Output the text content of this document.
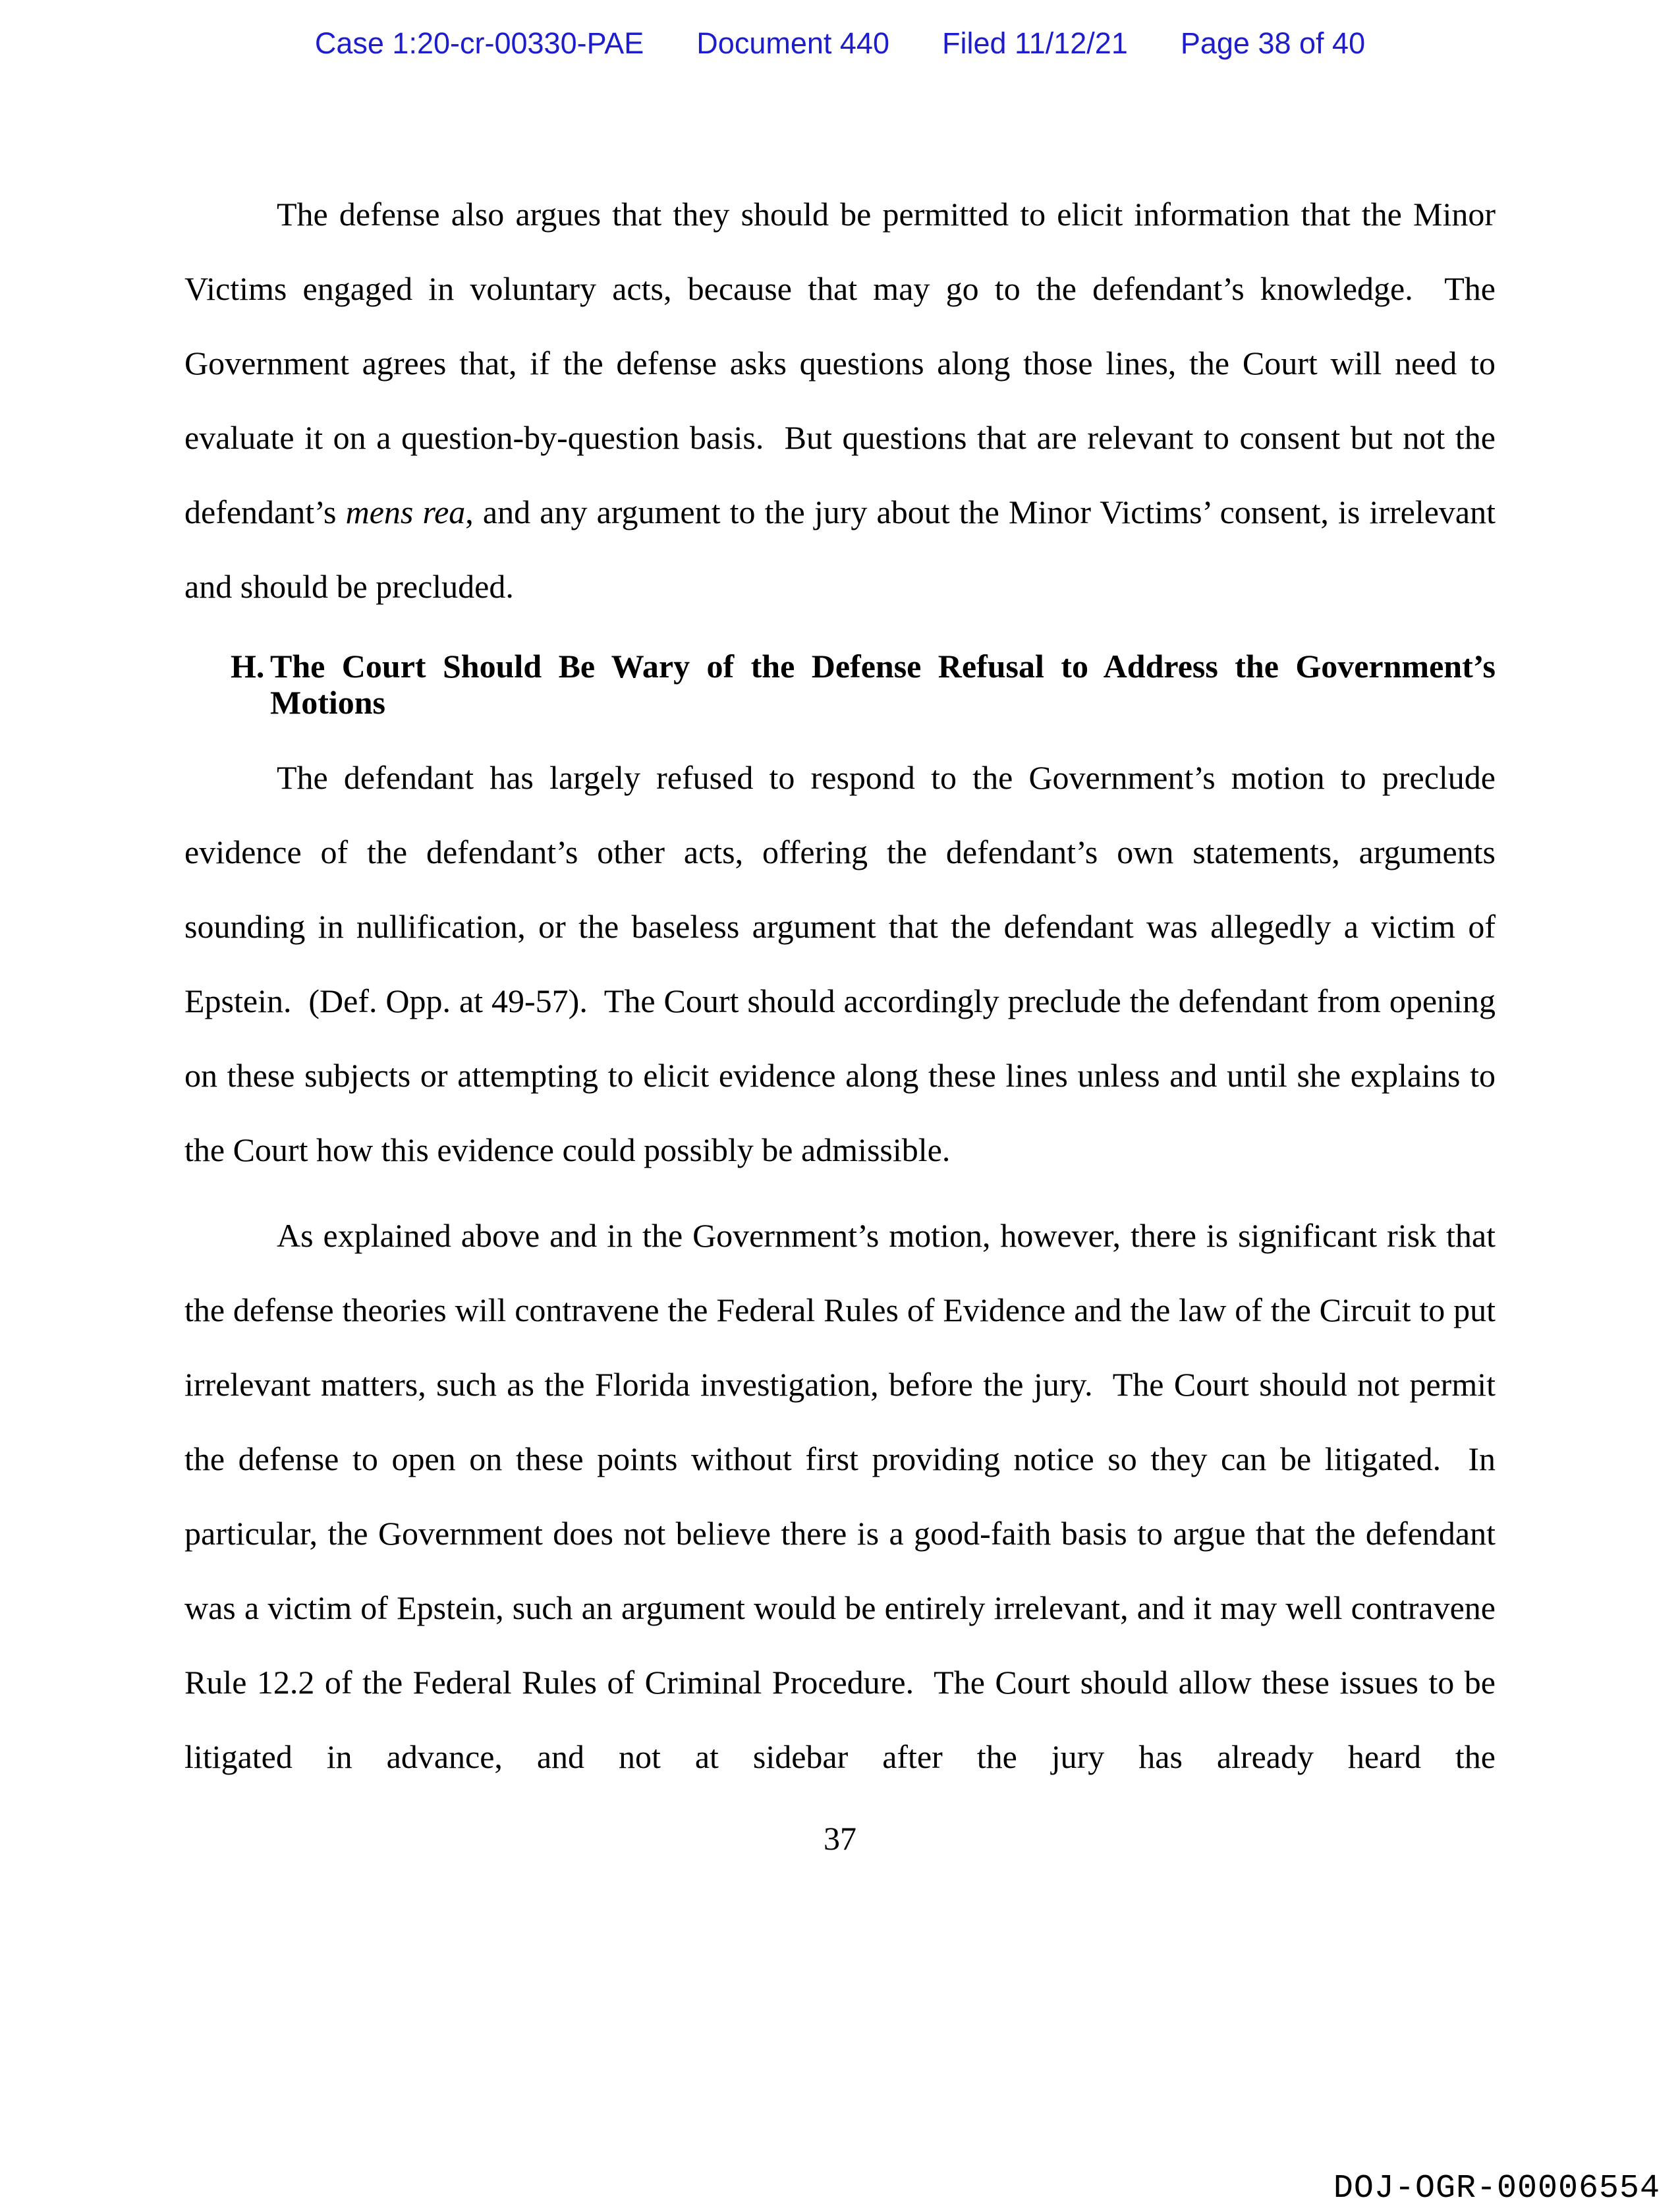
Case 1:20-cr-00330-PAE Document 440 Filed 11/12/21 Page 38 of 40

The defense also argues that they should be permitted to elicit information that the Minor Victims engaged in voluntary acts, because that may go to the defendant’s knowledge.  The Government agrees that, if the defense asks questions along those lines, the Court will need to evaluate it on a question-by-question basis.  But questions that are relevant to consent but not the defendant’s mens rea, and any argument to the jury about the Minor Victims’ consent, is irrelevant and should be precluded.

H. The Court Should Be Wary of the Defense Refusal to Address the Government’s Motions

The defendant has largely refused to respond to the Government’s motion to preclude evidence of the defendant’s other acts, offering the defendant’s own statements, arguments sounding in nullification, or the baseless argument that the defendant was allegedly a victim of Epstein.  (Def. Opp. at 49-57).  The Court should accordingly preclude the defendant from opening on these subjects or attempting to elicit evidence along these lines unless and until she explains to the Court how this evidence could possibly be admissible.

As explained above and in the Government’s motion, however, there is significant risk that the defense theories will contravene the Federal Rules of Evidence and the law of the Circuit to put irrelevant matters, such as the Florida investigation, before the jury.  The Court should not permit the defense to open on these points without first providing notice so they can be litigated.  In particular, the Government does not believe there is a good-faith basis to argue that the defendant was a victim of Epstein, such an argument would be entirely irrelevant, and it may well contravene Rule 12.2 of the Federal Rules of Criminal Procedure.  The Court should allow these issues to be litigated in advance, and not at sidebar after the jury has already heard the

37
DOJ-OGR-00006554
